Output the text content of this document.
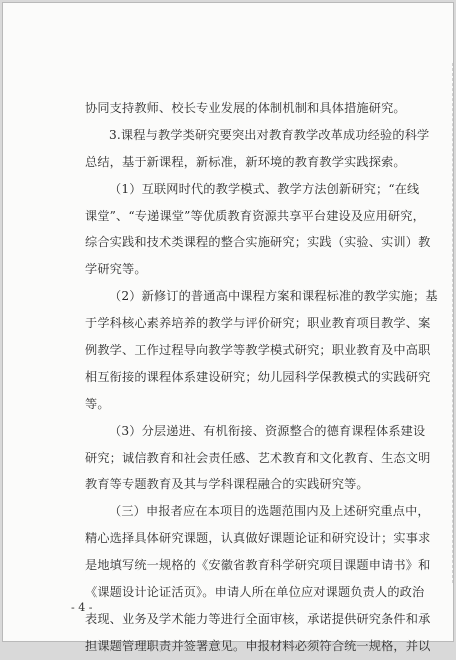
协同支持教师、校长专业发展的体制机制和具体措施研究。
3.课程与教学类研究要突出对教育教学改革成功经验的科学
总结，基于新课程，新标准，新环境的教育教学实践探索。
（1）互联网时代的教学模式、教学方法创新研究；“在线
课堂”、“专递课堂”等优质教育资源共享平台建设及应用研究，
综合实践和技术类课程的整合实施研究；实践（实验、实训）教
学研究等。
（2）新修订的普通高中课程方案和课程标准的教学实施；基
于学科核心素养培养的教学与评价研究；职业教育项目教学、案
例教学、工作过程导向教学等教学模式研究；职业教育及中高职
相互衔接的课程体系建设研究；幼儿园科学保教模式的实践研究
等。
（3）分层递进、有机衔接、资源整合的德育课程体系建设
研究；诚信教育和社会责任感、艺术教育和文化教育、生态文明
教育等专题教育及其与学科课程融合的实践研究等。
（三）申报者应在本项目的选题范围内及上述研究重点中，
精心选择具体研究课题，认真做好课题论证和研究设计；实事求
是地填写统一规格的《安徽省教育科学研究项目课题申请书》和
《课题设计论证活页》。申请人所在单位应对课题负责人的政治
表现、业务及学术能力等进行全面审核，承诺提供研究条件和承
担课题管理职责并签署意见。申报材料必须符合统一规格，并以
- 4 -
